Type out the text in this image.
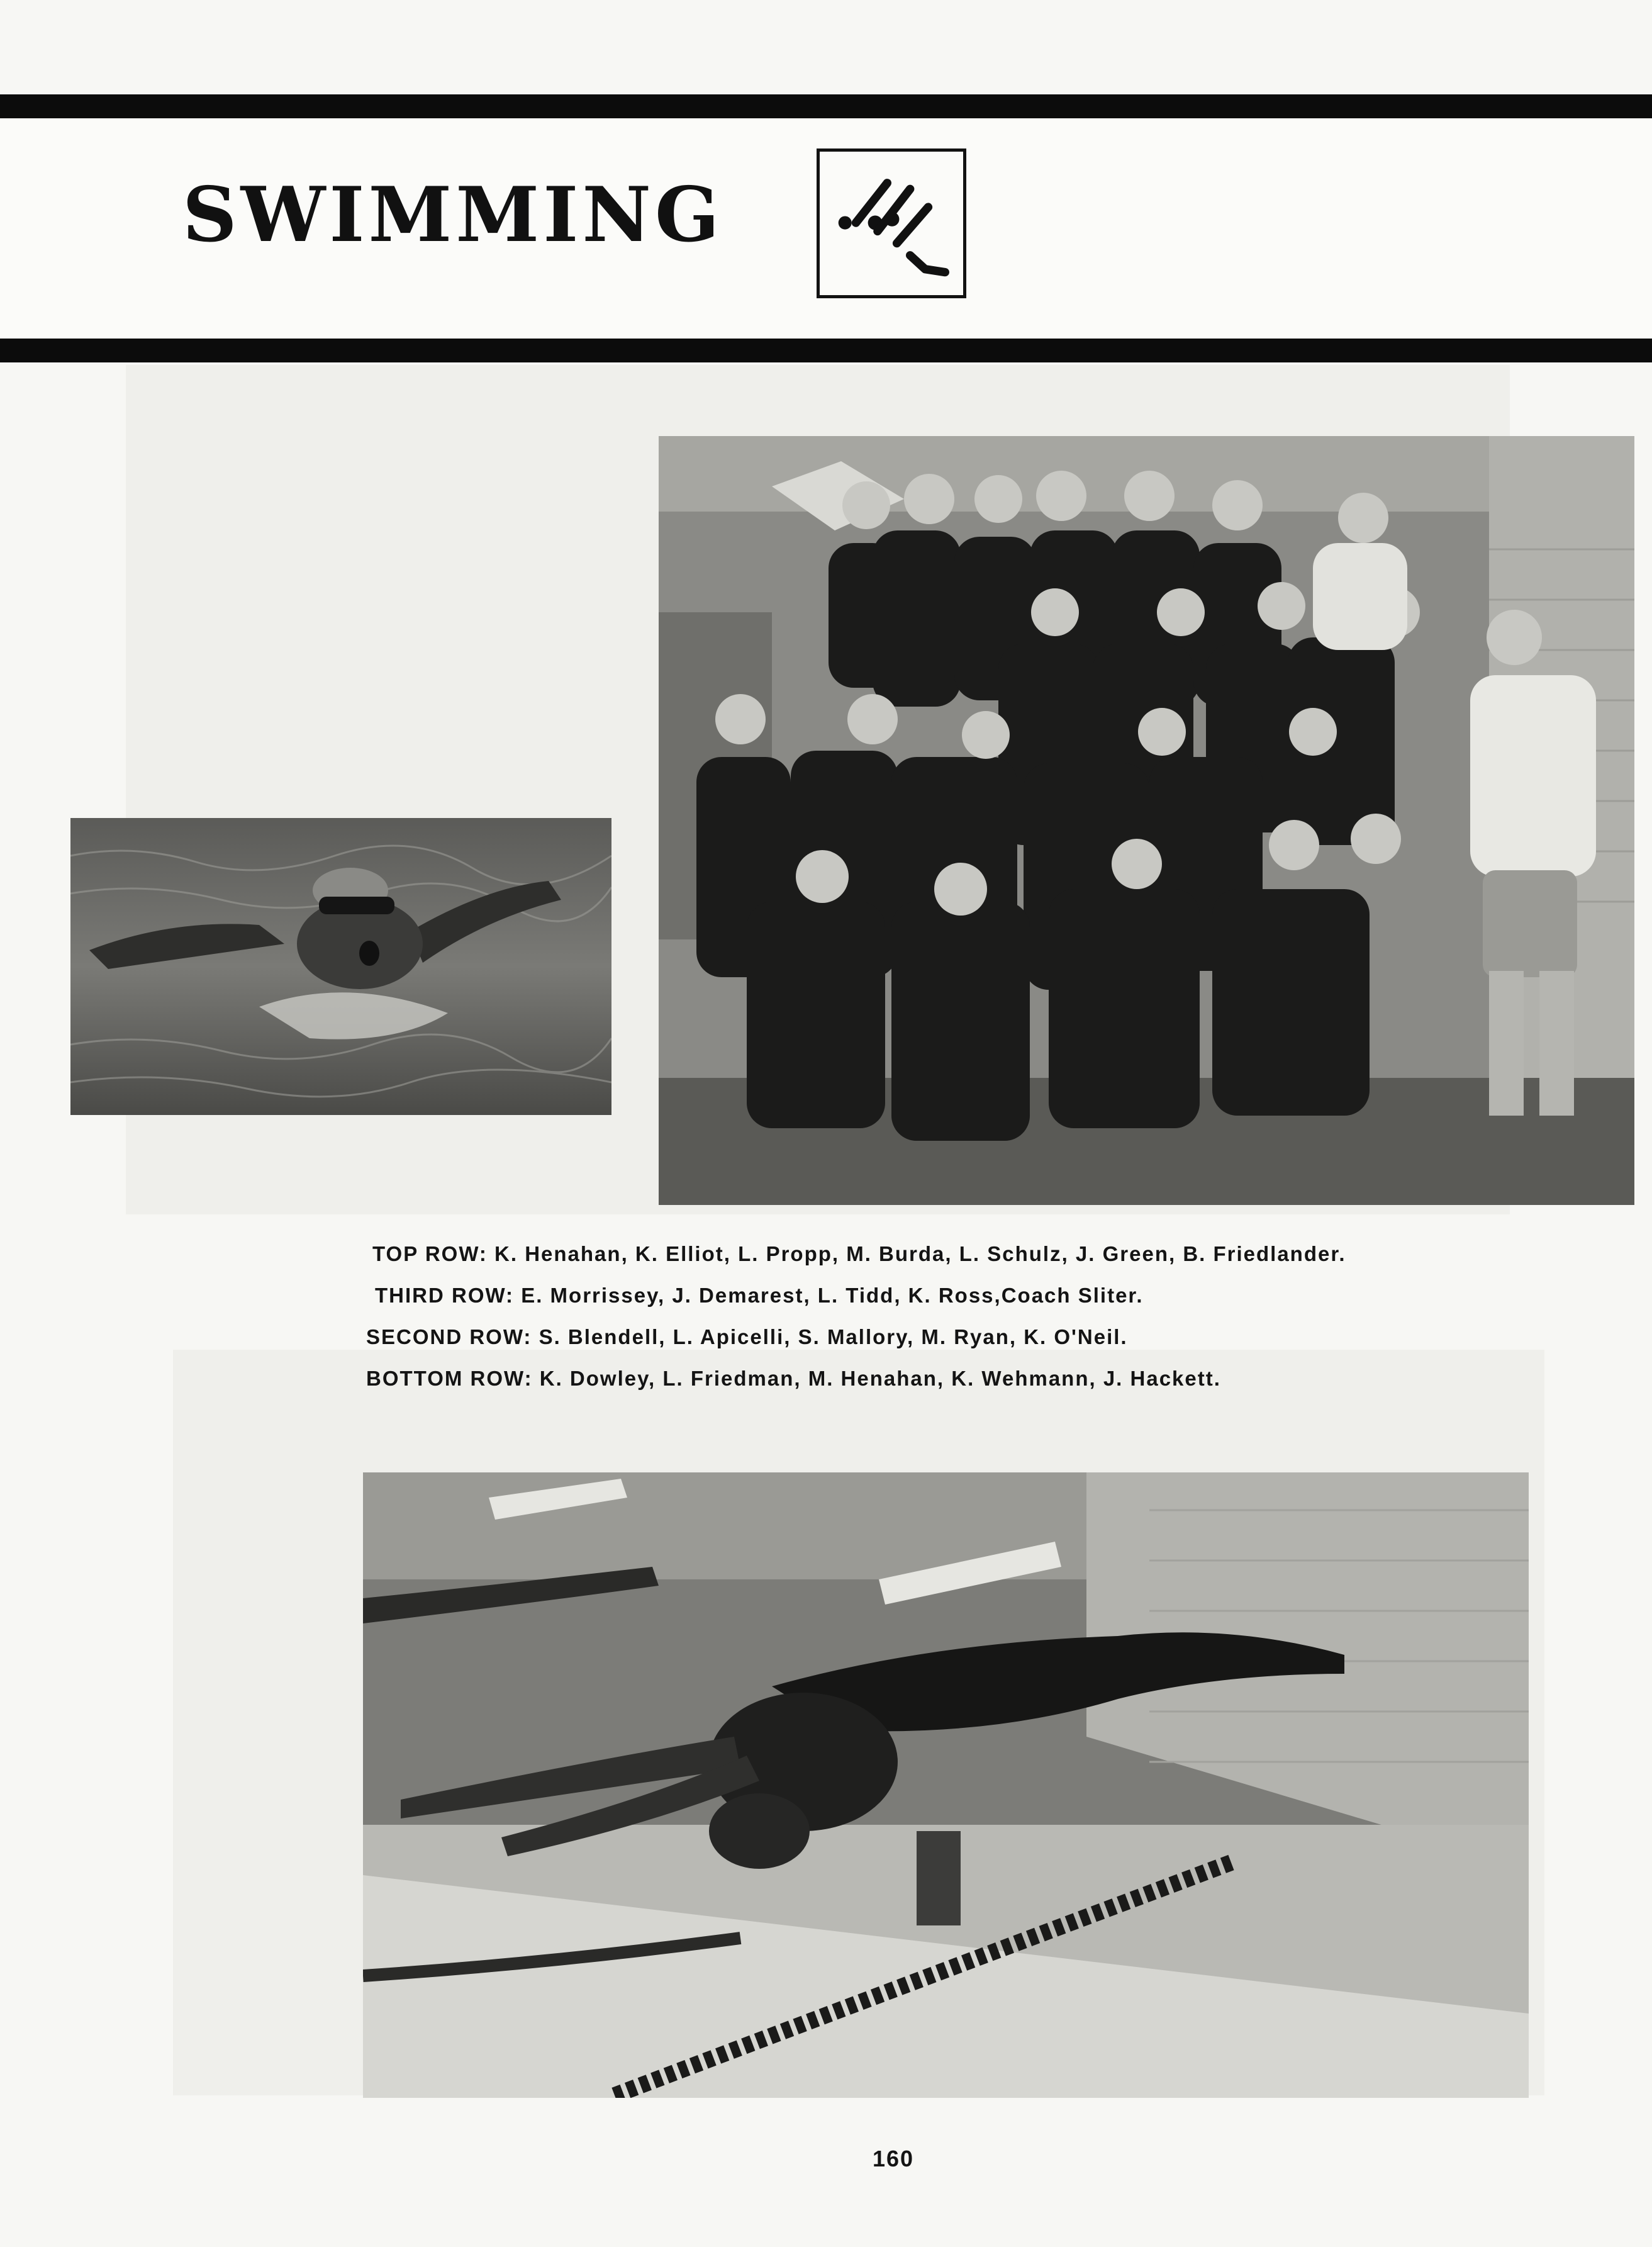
SWIMMING
TOP ROW: K. Henahan, K. Elliot, L. Propp, M. Burda, L. Schulz, J. Green, B. Friedlander.
THIRD ROW: E. Morrissey, J. Demarest, L. Tidd, K. Ross,Coach Sliter.
SECOND ROW: S. Blendell, L. Apicelli, S. Mallory, M. Ryan, K. O'Neil.
BOTTOM ROW: K. Dowley, L. Friedman, M. Henahan, K. Wehmann, J. Hackett.
160
